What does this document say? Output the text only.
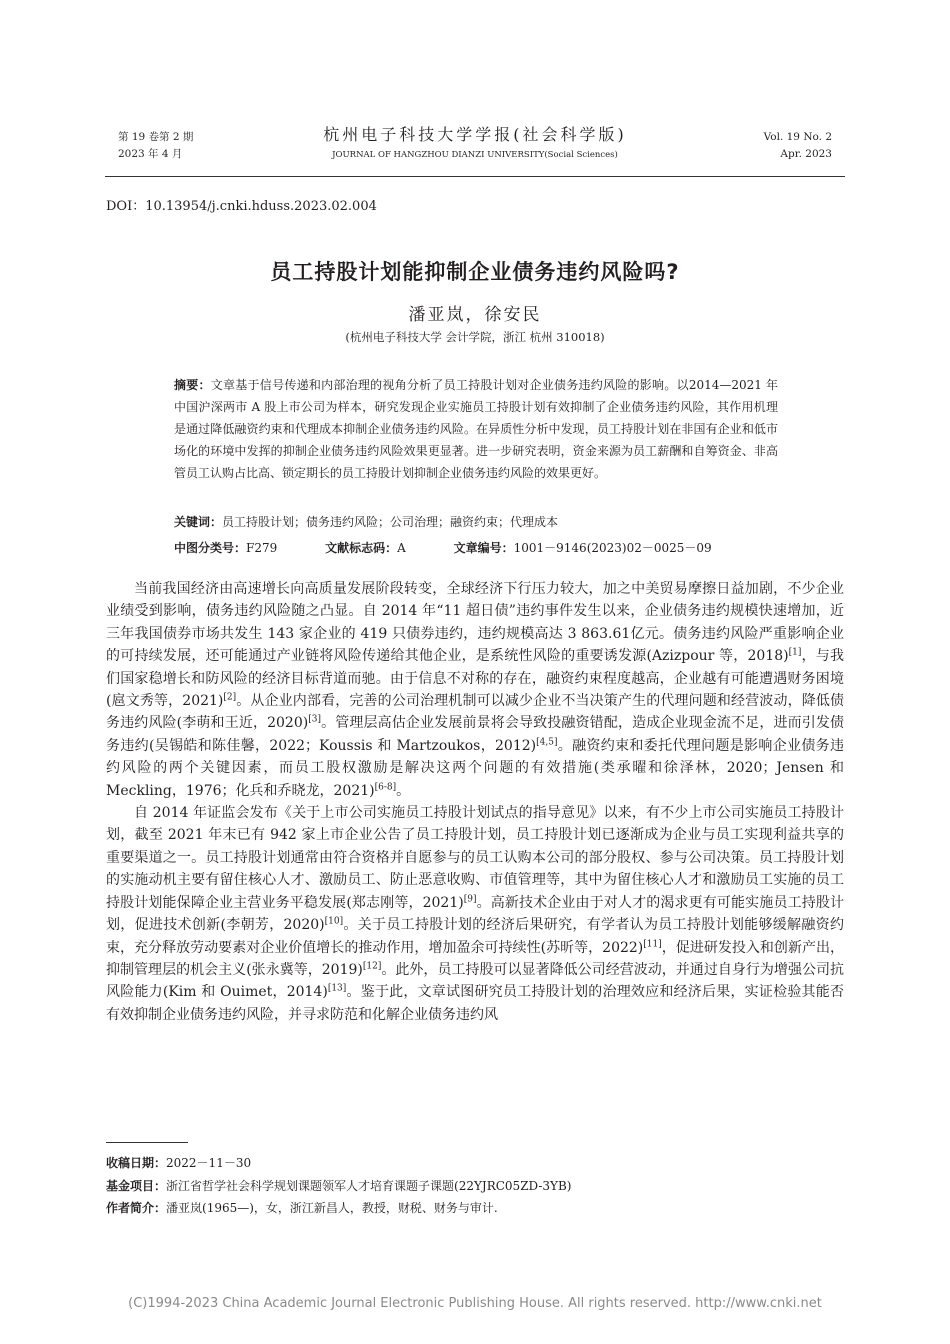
第 19 卷第 2 期
2023 年 4 月
杭州电子科技大学学报(社会科学版)
JOURNAL OF HANGZHOU DIANZI UNIVERSITY(Social Sciences)
Vol. 19 No. 2
Apr. 2023
DOI：10.13954/j.cnki.hduss.2023.02.004
员工持股计划能抑制企业债务违约风险吗?
潘亚岚，徐安民
(杭州电子科技大学 会计学院，浙江 杭州 310018)
摘要：文章基于信号传递和内部治理的视角分析了员工持股计划对企业债务违约风险的影响。以2014—2021 年中国沪深两市 A 股上市公司为样本，研究发现企业实施员工持股计划有效抑制了企业债务违约风险，其作用机理是通过降低融资约束和代理成本抑制企业债务违约风险。在异质性分析中发现，员工持股计划在非国有企业和低市场化的环境中发挥的抑制企业债务违约风险效果更显著。进一步研究表明，资金来源为员工薪酬和自筹资金、非高管员工认购占比高、锁定期长的员工持股计划抑制企业债务违约风险的效果更好。
关键词：员工持股计划；债务违约风险；公司治理；融资约束；代理成本
中图分类号：F279	文献标志码：A	文章编号：1001－9146(2023)02－0025－09

当前我国经济由高速增长向高质量发展阶段转变，全球经济下行压力较大，加之中美贸易摩擦日益加剧，不少企业业绩受到影响，债务违约风险随之凸显。自 2014 年“11 超日债”违约事件发生以来，企业债务违约规模快速增加，近三年我国债券市场共发生 143 家企业的 419 只债券违约，违约规模高达 3 863.61亿元。债务违约风险严重影响企业的可持续发展，还可能通过产业链将风险传递给其他企业，是系统性风险的重要诱发源(Azizpour 等，2018)[1]，与我们国家稳增长和防风险的经济目标背道而驰。由于信息不对称的存在，融资约束程度越高，企业越有可能遭遇财务困境(扈文秀等，2021)[2]。从企业内部看，完善的公司治理机制可以减少企业不当决策产生的代理问题和经营波动，降低债务违约风险(李萌和王近，2020)[3]。管理层高估企业发展前景将会导致投融资错配，造成企业现金流不足，进而引发债务违约(吴锡皓和陈佳馨，2022；Koussis 和 Martzoukos，2012)[4,5]。融资约束和委托代理问题是影响企业债务违约风险的两个关键因素，而员工股权激励是解决这两个问题的有效措施(类承曜和徐泽林，2020；Jensen 和 Meckling，1976；化兵和乔晓龙，2021)[6-8]。

自 2014 年证监会发布《关于上市公司实施员工持股计划试点的指导意见》以来，有不少上市公司实施员工持股计划，截至 2021 年末已有 942 家上市企业公告了员工持股计划，员工持股计划已逐渐成为企业与员工实现利益共享的重要渠道之一。员工持股计划通常由符合资格并自愿参与的员工认购本公司的部分股权、参与公司决策。员工持股计划的实施动机主要有留住核心人才、激励员工、防止恶意收购、市值管理等，其中为留住核心人才和激励员工实施的员工持股计划能保障企业主营业务平稳发展(郑志刚等，2021)[9]。高新技术企业由于对人才的渴求更有可能实施员工持股计划，促进技术创新(李朝芳，2020)[10]。关于员工持股计划的经济后果研究，有学者认为员工持股计划能够缓解融资约束，充分释放劳动要素对企业价值增长的推动作用，增加盈余可持续性(苏昕等，2022)[11]，促进研发投入和创新产出，抑制管理层的机会主义(张永冀等，2019)[12]。此外，员工持股可以显著降低公司经营波动，并通过自身行为增强公司抗风险能力(Kim 和 Ouimet，2014)[13]。鉴于此，文章试图研究员工持股计划的治理效应和经济后果，实证检验其能否有效抑制企业债务违约风险，并寻求防范和化解企业债务违约风

收稿日期：2022－11－30
基金项目：浙江省哲学社会科学规划课题领军人才培育课题子课题(22YJRC05ZD-3YB)
作者简介：潘亚岚(1965—)，女，浙江新昌人，教授，财税、财务与审计.
(C)1994-2023 China Academic Journal Electronic Publishing House. All rights reserved. http://www.cnki.net
